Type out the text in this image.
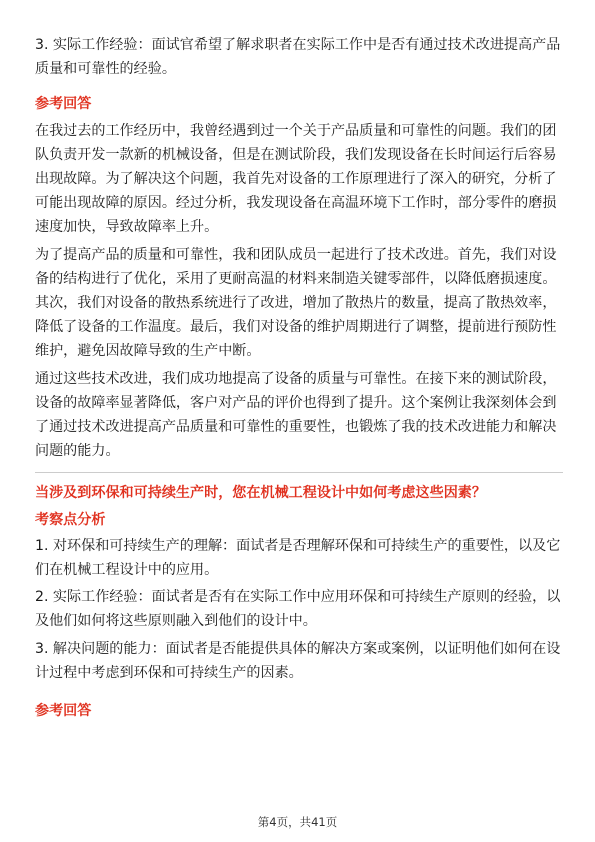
3. 实际工作经验：面试官希望了解求职者在实际工作中是否有通过技术改进提高产品质量和可靠性的经验。

参考回答

在我过去的工作经历中，我曾经遇到过一个关于产品质量和可靠性的问题。我们的团队负责开发一款新的机械设备，但是在测试阶段，我们发现设备在长时间运行后容易出现故障。为了解决这个问题，我首先对设备的工作原理进行了深入的研究，分析了可能出现故障的原因。经过分析，我发现设备在高温环境下工作时，部分零件的磨损速度加快，导致故障率上升。

为了提高产品的质量和可靠性，我和团队成员一起进行了技术改进。首先，我们对设备的结构进行了优化，采用了更耐高温的材料来制造关键零部件，以降低磨损速度。其次，我们对设备的散热系统进行了改进，增加了散热片的数量，提高了散热效率，降低了设备的工作温度。最后，我们对设备的维护周期进行了调整，提前进行预防性维护，避免因故障导致的生产中断。

通过这些技术改进，我们成功地提高了设备的质量与可靠性。在接下来的测试阶段，设备的故障率显著降低，客户对产品的评价也得到了提升。这个案例让我深刻体会到了通过技术改进提高产品质量和可靠性的重要性，也锻炼了我的技术改进能力和解决问题的能力。

当涉及到环保和可持续生产时，您在机械工程设计中如何考虑这些因素？

考察点分析

1. 对环保和可持续生产的理解：面试者是否理解环保和可持续生产的重要性，以及它们在机械工程设计中的应用。

2. 实际工作经验：面试者是否有在实际工作中应用环保和可持续生产原则的经验，以及他们如何将这些原则融入到他们的设计中。

3. 解决问题的能力：面试者是否能提供具体的解决方案或案例，以证明他们如何在设计过程中考虑到环保和可持续生产的因素。

参考回答

第4页，共41页
